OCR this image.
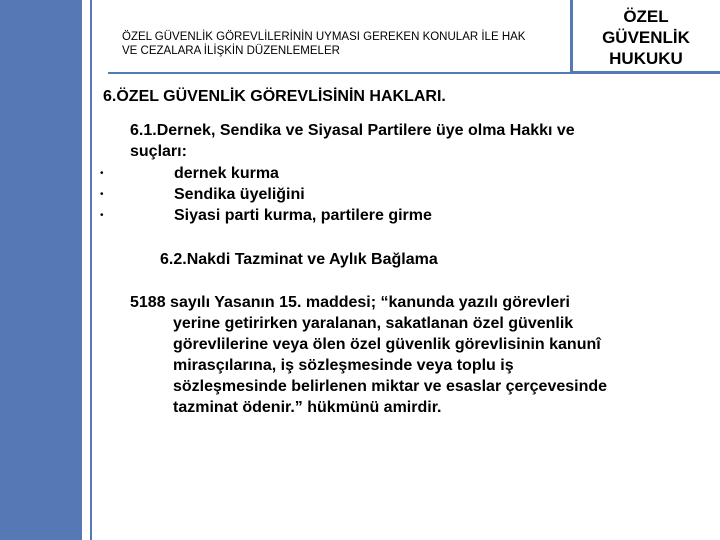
ÖZEL GÜVENLİK GÖREVLİLERİNİN UYMASI GEREKEN KONULAR İLE HAK
VE CEZALARA İLİŞKİN DÜZENLEMELER
ÖZEL
GÜVENLİK
HUKUKU
6.ÖZEL GÜVENLİK GÖREVLİSİNİN HAKLARI.
6.1.Dernek, Sendika ve Siyasal Partilere üye olma Hakkı ve
suçları:
•	dernek kurma
•	Sendika üyeliğini
•	Siyasi parti kurma, partilere girme
6.2.Nakdi Tazminat ve Aylık Bağlama
5188 sayılı Yasanın 15. maddesi; “kanunda yazılı görevleri
yerine getirirken yaralanan, sakatlanan özel güvenlik
görevlilerine veya ölen özel güvenlik görevlisinin kanunî
mirasçılarına, iş sözleşmesinde veya toplu iş
sözleşmesinde belirlenen miktar ve esaslar çerçevesinde
tazminat ödenir.” hükmünü amirdir.
